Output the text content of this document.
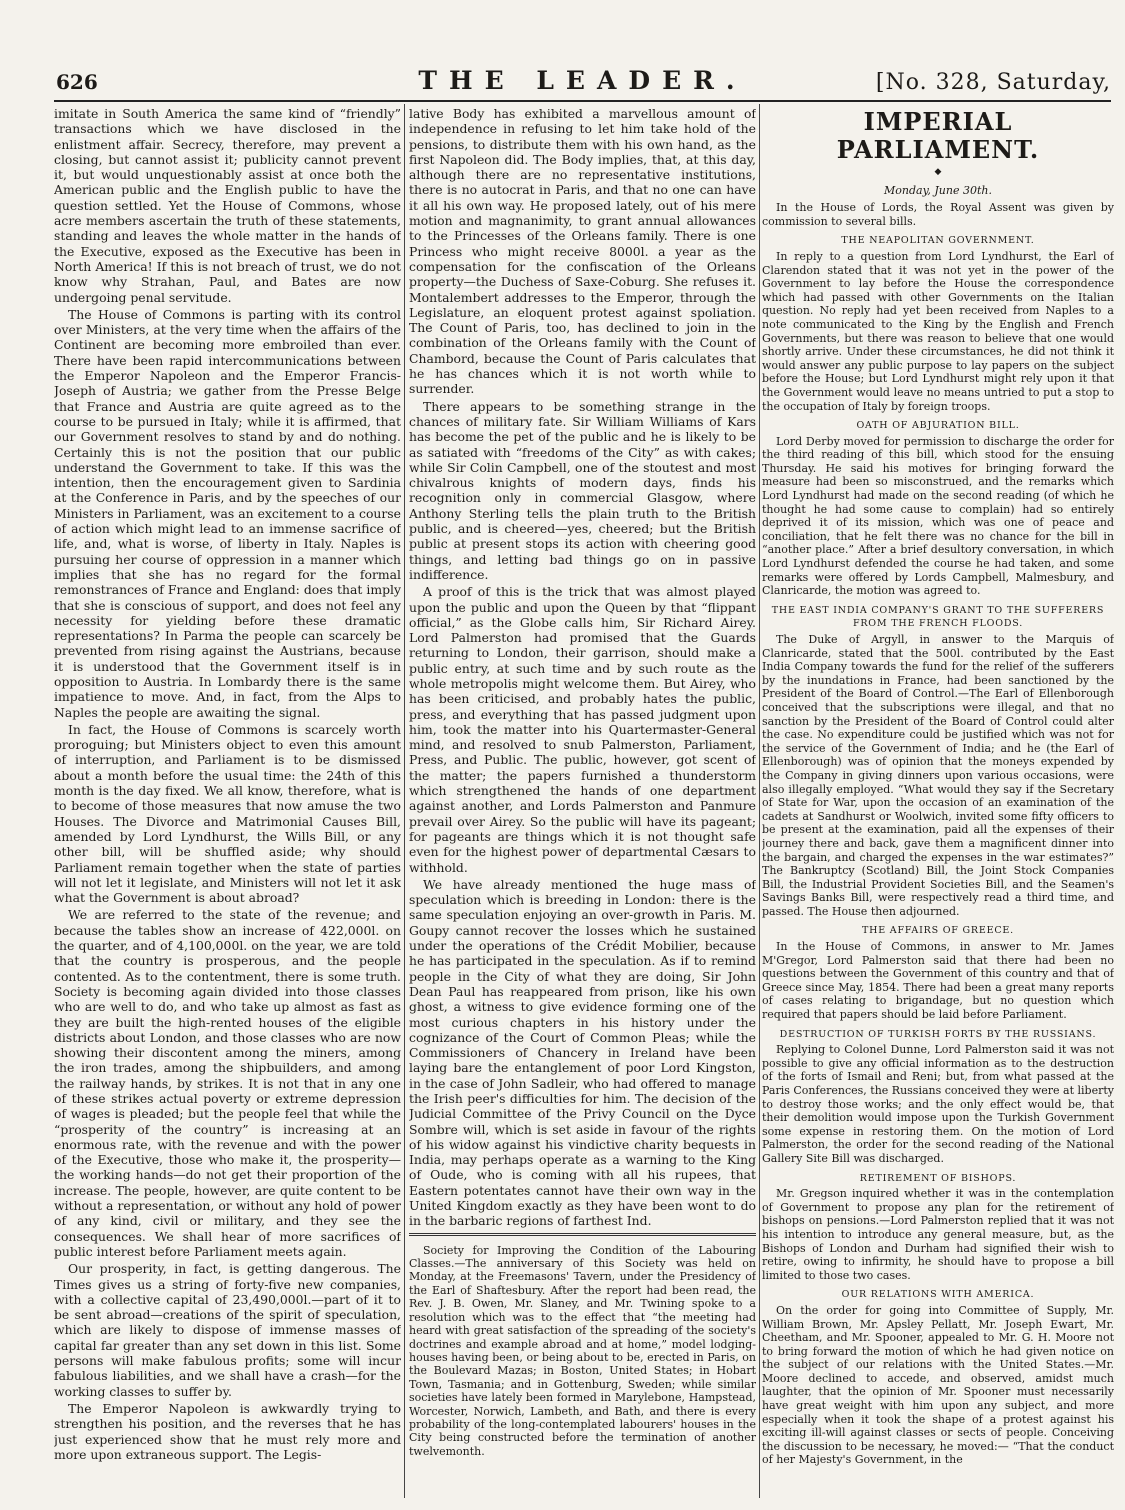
626	THE LEADER.	[No. 328, Saturday,

imitate in South America the same kind of “friendly” transactions which we have disclosed in the enlistment affair. Secrecy, therefore, may prevent a closing, but cannot assist it; publicity cannot prevent it, but would unquestionably assist at once both the American public and the English public to have the question settled. Yet the House of Commons, whose acre members ascertain the truth of these statements, standing and leaves the whole matter in the hands of the Executive, exposed as the Executive has been in North America! If this is not breach of trust, we do not know why Strahan, Paul, and Bates are now undergoing penal servitude.

The House of Commons is parting with its control over Ministers, at the very time when the affairs of the Continent are becoming more embroiled than ever. There have been rapid intercommunications between the Emperor Napoleon and the Emperor Francis-Joseph of Austria; we gather from the Presse Belge that France and Austria are quite agreed as to the course to be pursued in Italy; while it is affirmed, that our Government resolves to stand by and do nothing. Certainly this is not the position that our public understand the Government to take. If this was the intention, then the encouragement given to Sardinia at the Conference in Paris, and by the speeches of our Ministers in Parliament, was an excitement to a course of action which might lead to an immense sacrifice of life, and, what is worse, of liberty in Italy. Naples is pursuing her course of oppression in a manner which implies that she has no regard for the formal remonstrances of France and England: does that imply that she is conscious of support, and does not feel any necessity for yielding before these dramatic representations? In Parma the people can scarcely be prevented from rising against the Austrians, because it is understood that the Government itself is in opposition to Austria. In Lombardy there is the same impatience to move. And, in fact, from the Alps to Naples the people are awaiting the signal.

In fact, the House of Commons is scarcely worth proroguing; but Ministers object to even this amount of interruption, and Parliament is to be dismissed about a month before the usual time: the 24th of this month is the day fixed. We all know, therefore, what is to become of those measures that now amuse the two Houses. The Divorce and Matrimonial Causes Bill, amended by Lord Lyndhurst, the Wills Bill, or any other bill, will be shuffled aside; why should Parliament remain together when the state of parties will not let it legislate, and Ministers will not let it ask what the Government is about abroad?

We are referred to the state of the revenue; and because the tables show an increase of 422,000l. on the quarter, and of 4,100,000l. on the year, we are told that the country is prosperous, and the people contented. As to the contentment, there is some truth. Society is becoming again divided into those classes who are well to do, and who take up almost as fast as they are built the high-rented houses of the eligible districts about London, and those classes who are now showing their discontent among the miners, among the iron trades, among the shipbuilders, and among the railway hands, by strikes. It is not that in any one of these strikes actual poverty or extreme depression of wages is pleaded; but the people feel that while the “prosperity of the country” is increasing at an enormous rate, with the revenue and with the power of the Executive, those who make it, the prosperity—the working hands—do not get their proportion of the increase. The people, however, are quite content to be without a representation, or without any hold of power of any kind, civil or military, and they see the consequences. We shall hear of more sacrifices of public interest before Parliament meets again.

Our prosperity, in fact, is getting dangerous. The Times gives us a string of forty-five new companies, with a collective capital of 23,490,000l.—part of it to be sent abroad—creations of the spirit of speculation, which are likely to dispose of immense masses of capital far greater than any set down in this list. Some persons will make fabulous profits; some will incur fabulous liabilities, and we shall have a crash—for the working classes to suffer by.

The Emperor Napoleon is awkwardly trying to strengthen his position, and the reverses that he has just experienced show that he must rely more and more upon extraneous support. The Legis-

lative Body has exhibited a marvellous amount of independence in refusing to let him take hold of the pensions, to distribute them with his own hand, as the first Napoleon did. The Body implies, that, at this day, although there are no representative institutions, there is no autocrat in Paris, and that no one can have it all his own way. He proposed lately, out of his mere motion and magnanimity, to grant annual allowances to the Princesses of the Orleans family. There is one Princess who might receive 8000l. a year as the compensation for the confiscation of the Orleans property—the Duchess of Saxe-Coburg. She refuses it. Montalembert addresses to the Emperor, through the Legislature, an eloquent protest against spoliation. The Count of Paris, too, has declined to join in the combination of the Orleans family with the Count of Chambord, because the Count of Paris calculates that he has chances which it is not worth while to surrender.

There appears to be something strange in the chances of military fate. Sir William Williams of Kars has become the pet of the public and he is likely to be as satiated with “freedoms of the City” as with cakes; while Sir Colin Campbell, one of the stoutest and most chivalrous knights of modern days, finds his recognition only in commercial Glasgow, where Anthony Sterling tells the plain truth to the British public, and is cheered—yes, cheered; but the British public at present stops its action with cheering good things, and letting bad things go on in passive indifference.

A proof of this is the trick that was almost played upon the public and upon the Queen by that “flippant official,” as the Globe calls him, Sir Richard Airey. Lord Palmerston had promised that the Guards returning to London, their garrison, should make a public entry, at such time and by such route as the whole metropolis might welcome them. But Airey, who has been criticised, and probably hates the public, press, and everything that has passed judgment upon him, took the matter into his Quartermaster-General mind, and resolved to snub Palmerston, Parliament, Press, and Public. The public, however, got scent of the matter; the papers furnished a thunderstorm which strengthened the hands of one department against another, and Lords Palmerston and Panmure prevail over Airey. So the public will have its pageant; for pageants are things which it is not thought safe even for the highest power of departmental Cæsars to withhold.

We have already mentioned the huge mass of speculation which is breeding in London: there is the same speculation enjoying an over-growth in Paris. M. Goupy cannot recover the losses which he sustained under the operations of the Crédit Mobilier, because he has participated in the speculation. As if to remind people in the City of what they are doing, Sir John Dean Paul has reappeared from prison, like his own ghost, a witness to give evidence forming one of the most curious chapters in his history under the cognizance of the Court of Common Pleas; while the Commissioners of Chancery in Ireland have been laying bare the entanglement of poor Lord Kingston, in the case of John Sadleir, who had offered to manage the Irish peer's difficulties for him. The decision of the Judicial Committee of the Privy Council on the Dyce Sombre will, which is set aside in favour of the rights of his widow against his vindictive charity bequests in India, may perhaps operate as a warning to the King of Oude, who is coming with all his rupees, that Eastern potentates cannot have their own way in the United Kingdom exactly as they have been wont to do in the barbaric regions of farthest Ind.

Society for Improving the Condition of the Labouring Classes.—The anniversary of this Society was held on Monday, at the Freemasons' Tavern, under the Presidency of the Earl of Shaftesbury. After the report had been read, the Rev. J. B. Owen, Mr. Slaney, and Mr. Twining spoke to a resolution which was to the effect that “the meeting had heard with great satisfaction of the spreading of the society's doctrines and example abroad and at home,” model lodging-houses having been, or being about to be, erected in Paris, on the Boulevard Mazas; in Boston, United States; in Hobart Town, Tasmania; and in Gottenburg, Sweden; while similar societies have lately been formed in Marylebone, Hampstead, Worcester, Norwich, Lambeth, and Bath, and there is every probability of the long-contemplated labourers' houses in the City being constructed before the termination of another twelvemonth.

IMPERIAL PARLIAMENT.
◆
Monday, June 30th.

In the House of Lords, the Royal Assent was given by commission to several bills.

THE NEAPOLITAN GOVERNMENT.

In reply to a question from Lord Lyndhurst, the Earl of Clarendon stated that it was not yet in the power of the Government to lay before the House the correspondence which had passed with other Governments on the Italian question. No reply had yet been received from Naples to a note communicated to the King by the English and French Governments, but there was reason to believe that one would shortly arrive. Under these circumstances, he did not think it would answer any public purpose to lay papers on the subject before the House; but Lord Lyndhurst might rely upon it that the Government would leave no means untried to put a stop to the occupation of Italy by foreign troops.

OATH OF ABJURATION BILL.

Lord Derby moved for permission to discharge the order for the third reading of this bill, which stood for the ensuing Thursday. He said his motives for bringing forward the measure had been so misconstrued, and the remarks which Lord Lyndhurst had made on the second reading (of which he thought he had some cause to complain) had so entirely deprived it of its mission, which was one of peace and conciliation, that he felt there was no chance for the bill in “another place.” After a brief desultory conversation, in which Lord Lyndhurst defended the course he had taken, and some remarks were offered by Lords Campbell, Malmesbury, and Clanricarde, the motion was agreed to.

THE EAST INDIA COMPANY'S GRANT TO THE SUFFERERS FROM THE FRENCH FLOODS.

The Duke of Argyll, in answer to the Marquis of Clanricarde, stated that the 500l. contributed by the East India Company towards the fund for the relief of the sufferers by the inundations in France, had been sanctioned by the President of the Board of Control.—The Earl of Ellenborough conceived that the subscriptions were illegal, and that no sanction by the President of the Board of Control could alter the case. No expenditure could be justified which was not for the service of the Government of India; and he (the Earl of Ellenborough) was of opinion that the moneys expended by the Company in giving dinners upon various occasions, were also illegally employed. “What would they say if the Secretary of State for War, upon the occasion of an examination of the cadets at Sandhurst or Woolwich, invited some fifty officers to be present at the examination, paid all the expenses of their journey there and back, gave them a magnificent dinner into the bargain, and charged the expenses in the war estimates?” The Bankruptcy (Scotland) Bill, the Joint Stock Companies Bill, the Industrial Provident Societies Bill, and the Seamen's Savings Banks Bill, were respectively read a third time, and passed. The House then adjourned.

THE AFFAIRS OF GREECE.

In the House of Commons, in answer to Mr. James M'Gregor, Lord Palmerston said that there had been no questions between the Government of this country and that of Greece since May, 1854. There had been a great many reports of cases relating to brigandage, but no question which required that papers should be laid before Parliament.

DESTRUCTION OF TURKISH FORTS BY THE RUSSIANS.

Replying to Colonel Dunne, Lord Palmerston said it was not possible to give any official information as to the destruction of the forts of Ismail and Reni; but, from what passed at the Paris Conferences, the Russians conceived they were at liberty to destroy those works; and the only effect would be, that their demolition would impose upon the Turkish Government some expense in restoring them. On the motion of Lord Palmerston, the order for the second reading of the National Gallery Site Bill was discharged.

RETIREMENT OF BISHOPS.

Mr. Gregson inquired whether it was in the contemplation of Government to propose any plan for the retirement of bishops on pensions.—Lord Palmerston replied that it was not his intention to introduce any general measure, but, as the Bishops of London and Durham had signified their wish to retire, owing to infirmity, he should have to propose a bill limited to those two cases.

OUR RELATIONS WITH AMERICA.

On the order for going into Committee of Supply, Mr. William Brown, Mr. Apsley Pellatt, Mr. Joseph Ewart, Mr. Cheetham, and Mr. Spooner, appealed to Mr. G. H. Moore not to bring forward the motion of which he had given notice on the subject of our relations with the United States.—Mr. Moore declined to accede, and observed, amidst much laughter, that the opinion of Mr. Spooner must necessarily have great weight with him upon any subject, and more especially when it took the shape of a protest against his exciting ill-will against classes or sects of people. Conceiving the discussion to be necessary, he moved:— “That the conduct of her Majesty's Government, in the
